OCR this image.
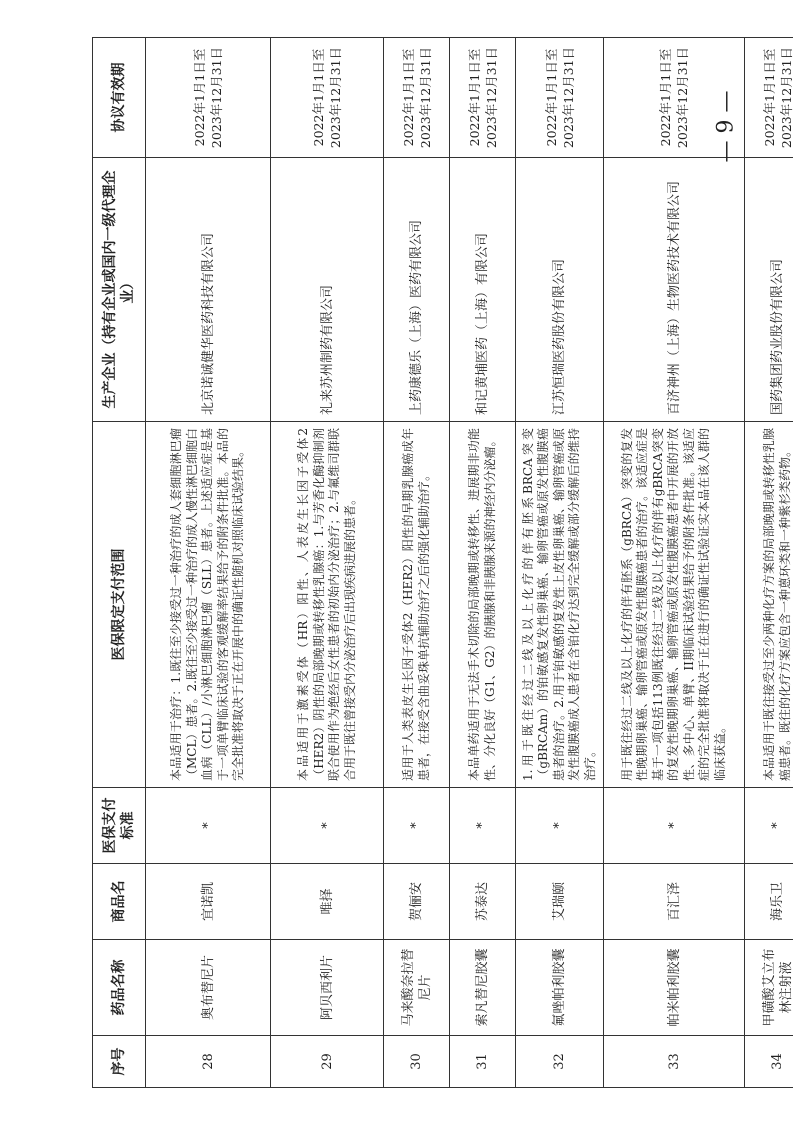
序号	药品名称	商品名	医保支付标准	医保限定支付范围	生产企业（持有企业或国内一级代理企业）	协议有效期
28	奥布替尼片	宜诺凯	*	本品适用于治疗：1.既往至少接受过一种治疗的成人套细胞淋巴瘤（MCL）患者。2.既往至少接受过一种治疗的成人慢性淋巴细胞白血病（CLL）/小淋巴细胞淋巴瘤（SLL）患者。上述适应症是基于一项单臂临床试验的客观缓解率结果给予的附条件批准。本品的完全批准将取决于正在开展中的确证性随机对照临床试验结果。	北京诺诚健华医药科技有限公司	2022年1月1日至2023年12月31日
29	阿贝西利片	唯择	*	本品适用于激素受体（HR）阳性、人表皮生长因子受体2（HER2）阴性的局部晚期或转移性乳腺癌：1.与芳香化酶抑制剂联合使用作为绝经后女性患者的初始内分泌治疗；2.与氟维司群联合用于既往曾接受内分泌治疗后出现疾病进展的患者。	礼来苏州制药有限公司	2022年1月1日至2023年12月31日
30	马来酸奈拉替尼片	贺俪安	*	适用于人类表皮生长因子受体2（HER2）阳性的早期乳腺癌成年患者，在接受含曲妥珠单抗辅助治疗之后的强化辅助治疗。	上药康德乐（上海）医药有限公司	2022年1月1日至2023年12月31日
31	索凡替尼胶囊	苏泰达	*	本品单药适用于无法手术切除的局部晚期或转移性、进展期非功能性、分化良好（G1、G2）的胰腺和非胰腺来源的神经内分泌瘤。	和记黄埔医药（上海）有限公司	2022年1月1日至2023年12月31日
32	氟唑帕利胶囊	艾瑞颐	*	1.用于既往经过二线及以上化疗的伴有胚系BRCA突变（gBRCAm）的铂敏感复发性卵巢癌、输卵管癌或原发性腹膜癌患者的治疗。2.用于铂敏感的复发性上皮性卵巢癌、输卵管癌或原发性腹膜癌成人患者在含铂化疗达到完全缓解或部分缓解后的维持治疗。	江苏恒瑞医药股份有限公司	2022年1月1日至2023年12月31日
33	帕米帕利胶囊	百汇泽	*	用于既往经过二线及以上化疗的伴有胚系（gBRCA）突变的复发性晚期卵巢癌、输卵管癌或原发性腹膜癌患者的治疗。该适应症是基于一项包括113例既往经过二线及以上化疗的伴有gBRCA突变的复发性晚期卵巢癌、输卵管癌或原发性腹膜癌患者中开展的开放性、多中心、单臂、II期临床试验结果给予的附条件批准。该适应症的完全批准将取决于正在进行的确证性试验证实本品在该人群的临床获益。	百济神州（上海）生物医药技术有限公司	2022年1月1日至2023年12月31日
34	甲磺酸艾立布林注射液	海乐卫	*	本品适用于既往接受过至少两种化疗方案的局部晚期或转移性乳腺癌患者。既往的化疗方案应包含一种蒽环类和一种紫杉类药物。	国药集团药业股份有限公司	2022年1月1日至2023年12月31日
— 9 —
